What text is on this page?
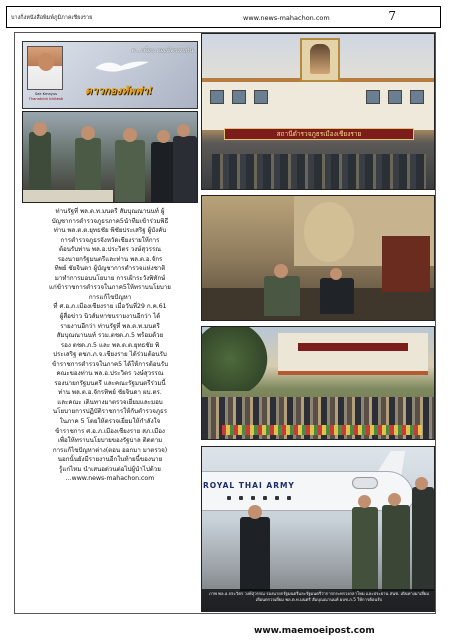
บางกิ่งหนังสือพิมพ์ภูมิภาคเชียงราย	www.news-mahachon.com	7
Sak Kmayus
Thanatchit Ichitesti
ต...เพื่อน ผองมิตรพบกัน
ดาวกองทัพพ่า!
สถานีตำรวจภูธรเมืองเชียงราย
ROYAL THAI ARMY
ภาพ พล.อ.ประวิตร วงษ์สุวรรณ รองนายกรัฐมนตรีและรัฐมนตรีว่าการกระทรวงกลาโหม และประธาน สนช. เดินทางมาเยี่ยมเยือนตรวจเยี่ยม พล.ต.ท.มนตรี สัมบุณณานนท์ ผบช.ภ.5 ให้การต้อนรับ

ท่านรัฐที่ พล.ต.ท.มนตรี สัมบุณณานนท์ ผู้

บัญชาการตำรวจภูธรภาค5นำทีมเข้าร่วมพิธี

ท่าน พล.ต.ต.ยุทธชัย พิชัยประเสริฐ ผู้บังคับ

การตำรวจภูธรจังหวัดเชียงรายให้การ

ต้อนรับท่าน พล.อ.ประวิตร วงษ์สุวรรณ

รองนายกรัฐมนตรีและท่าน พล.ต.อ.จักร

ทิพย์ ชัยจินดา ผู้บัญชาการตำรวจแห่งชาติ

มาทำการมอบนโยบาย การเฝ้าระวังพิทักษ์

แก่ข้าราชการตำรวจในภาค5ให้ทราบนโยบาย

การแก้ไขปัญหา

ที่ ศ.อ.ภ.เมืองเชียงราย เมื่อวันที่29 ก.ค.61

ผู้สื่อข่าว นิวส์มหาชนรายงานอีกว่า ได้

รายงานอีกว่า ท่านรัฐที่ พล.ต.ท.มนตรี

สัมบุณณานนท์ รวม.ตชด.ภ.5 พร้อมด้วย

รอง ตชด.ภ.5 และ พล.ต.ต.ยุทธชัย พิ

ประเสริฐ ตชภ.ภ.จ.เชียงราย ได้ร่วมต้อนรับ

ข้าราชการตำรวจในภาค5 ได้ให้การต้อนรับ

คณะของท่าน พล.อ.ประวิตร วงษ์สุวรรณ

รองนายกรัฐมนตรี และคณะรัฐมนตรีร่วมนี้

ท่าน พล.ต.อ.จักรทิพย์ ชัยจินดา ผบ.ตร.

และคณะ เดินทางมาตรวจเยี่ยมและมอบ

นโยบายการปฏิบัติราชการให้กับตำรวจภูธร

ในภาค 5 โดยให้ตรวจเยี่ยมให้กำลังใจ

ข้าราชการ ศ.อ.ภ.เมืองเชียงราย สภ.เมือง

เพื่อให้ทราบนโยบายของรัฐบาล ติดตาม

การแก้ไขปัญหาต่าง(ตอน ออกมา มาตรวจ)

นอกนั้นยังมีรายงานอีกในท้ายนี้ของนาย

รู้แก่ไหม นำเสนอด่วนต่อไปผู้นำไปด้วย

...www.news-mahachon.com

www.maemoeipost.com
